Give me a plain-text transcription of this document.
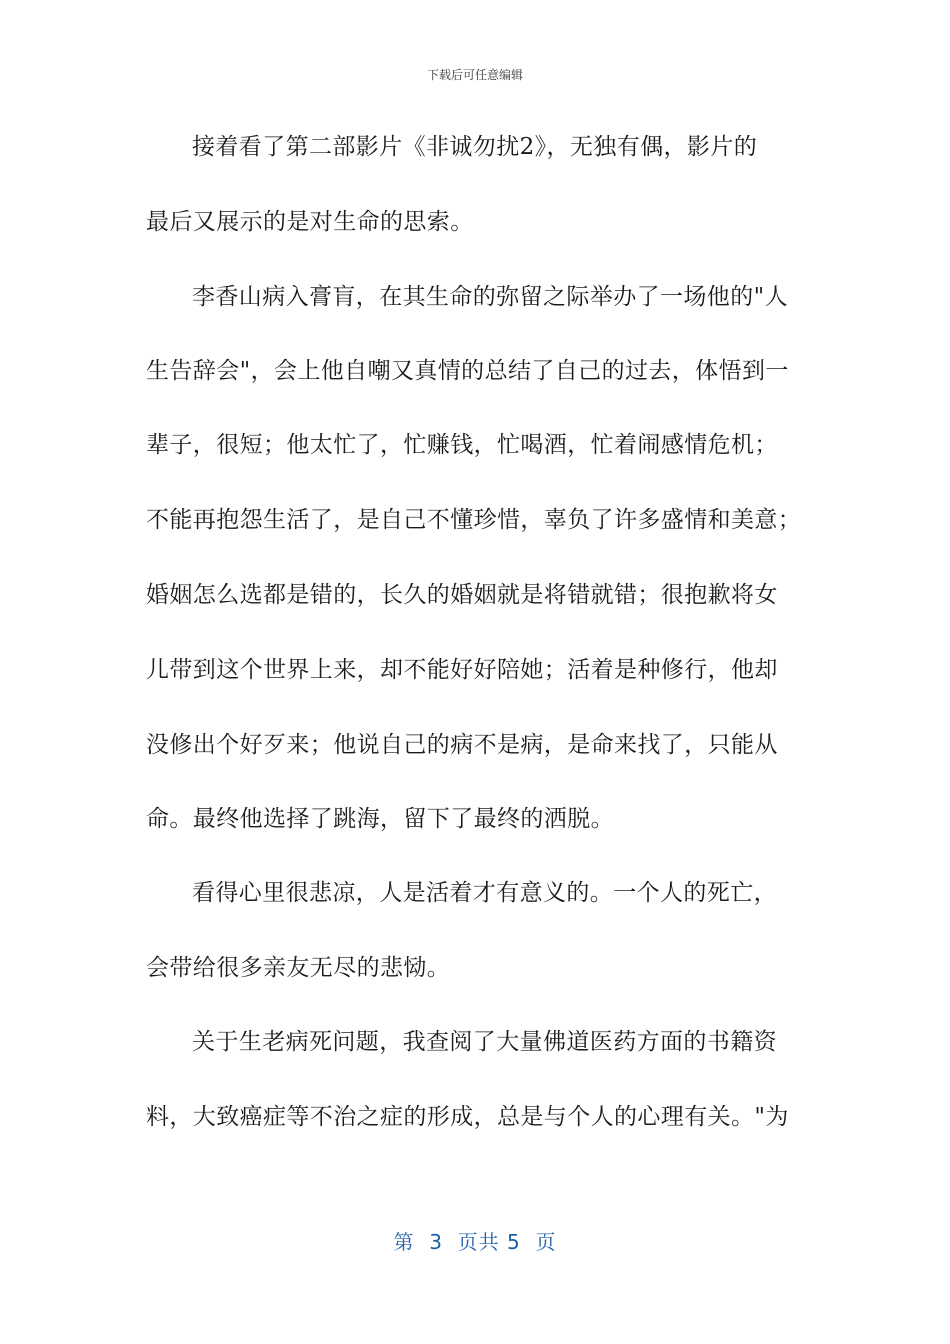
下载后可任意编辑
接着看了第二部影片《非诚勿扰2》，无独有偶，影片的
最后又展示的是对生命的思索。
李香山病入膏肓，在其生命的弥留之际举办了一场他的"人
生告辞会"，会上他自嘲又真情的总结了自己的过去，体悟到一
辈子，很短；他太忙了，忙赚钱，忙喝酒，忙着闹感情危机；
不能再抱怨生活了，是自己不懂珍惜，辜负了许多盛情和美意；
婚姻怎么选都是错的，长久的婚姻就是将错就错；很抱歉将女
儿带到这个世界上来，却不能好好陪她；活着是种修行，他却
没修出个好歹来；他说自己的病不是病，是命来找了，只能从
命。最终他选择了跳海，留下了最终的洒脱。
看得心里很悲凉，人是活着才有意义的。一个人的死亡，
会带给很多亲友无尽的悲恸。
关于生老病死问题，我查阅了大量佛道医药方面的书籍资
料，大致癌症等不治之症的形成，总是与个人的心理有关。"为
第  3  页共 5  页
